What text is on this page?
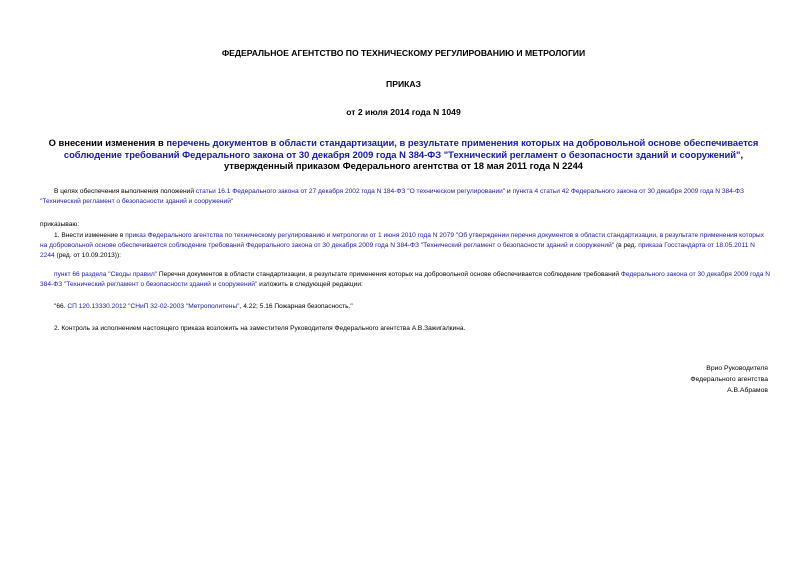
ФЕДЕРАЛЬНОЕ АГЕНТСТВО ПО ТЕХНИЧЕСКОМУ РЕГУЛИРОВАНИЮ И МЕТРОЛОГИИ
ПРИКАЗ
от 2 июля 2014 года N 1049
О внесении изменения в перечень документов в области стандартизации, в результате применения которых на добровольной основе обеспечивается соблюдение требований Федерального закона от 30 декабря 2009 года N 384-ФЗ "Технический регламент о безопасности зданий и сооружений", утвержденный приказом Федерального агентства от 18 мая 2011 года N 2244
В целях обеспечения выполнения положений статьи 16.1 Федерального закона от 27 декабря 2002 года N 184-ФЗ "О техническом регулировании" и пункта 4 статьи 42 Федерального закона от 30 декабря 2009 года N 384-ФЗ "Технический регламент о безопасности зданий и сооружений"
приказываю:
1. Внести изменение в приказ Федерального агентства по техническому регулированию и метрологии от 1 июня 2010 года N 2079 "Об утверждении перечня документов в области стандартизации, в результате применения которых на добровольной основе обеспечивается соблюдение требований Федерального закона от 30 декабря 2009 года N 384-ФЗ "Технический регламент о безопасности зданий и сооружений" (в ред. приказа Госстандарта от 18.05.2011 N 2244 (ред. от 10.09.2013)):
пункт 66 раздела "Своды правил" Перечня документов в области стандартизации, в результате применения которых на добровольной основе обеспечивается соблюдение требований Федерального закона от 30 декабря 2009 года N 384-ФЗ "Технический регламент о безопасности зданий и сооружений" изложить в следующей редакции:
"66. СП 120.13330.2012 "СНиП 32-02-2003 "Метрополитены", 4.22; 5.16 Пожарная безопасность."
2. Контроль за исполнением настоящего приказа возложить на заместителя Руководителя Федерального агентства А.В.Зажигалкина.
Врио Руководителя
Федерального агентства
А.В.Абрамов
